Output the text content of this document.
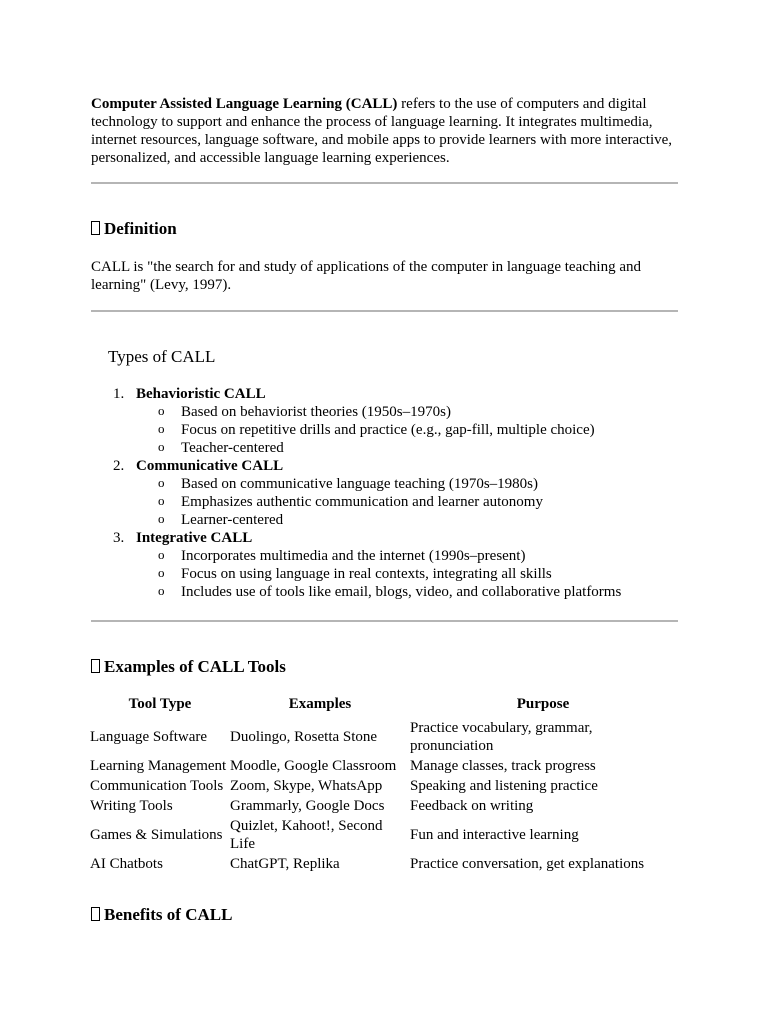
Computer Assisted Language Learning (CALL) refers to the use of computers and digital technology to support and enhance the process of language learning. It integrates multimedia, internet resources, language software, and mobile apps to provide learners with more interactive, personalized, and accessible language learning experiences.

Definition

CALL is "the search for and study of applications of the computer in language teaching and learning" (Levy, 1997).

Types of CALL
1. Behavioristic CALL
o Based on behaviorist theories (1950s–1970s)
o Focus on repetitive drills and practice (e.g., gap-fill, multiple choice)
o Teacher-centered
2. Communicative CALL
o Based on communicative language teaching (1970s–1980s)
o Emphasizes authentic communication and learner autonomy
o Learner-centered
3. Integrative CALL
o Incorporates multimedia and the internet (1990s–present)
o Focus on using language in real contexts, integrating all skills
o Includes use of tools like email, blogs, video, and collaborative platforms
Examples of CALL Tools
Tool Type	Examples	Purpose
Language Software	Duolingo, Rosetta Stone	Practice vocabulary, grammar, pronunciation
Learning Management	Moodle, Google Classroom	Manage classes, track progress
Communication Tools	Zoom, Skype, WhatsApp	Speaking and listening practice
Writing Tools	Grammarly, Google Docs	Feedback on writing
Games & Simulations	Quizlet, Kahoot!, Second Life	Fun and interactive learning
AI Chatbots	ChatGPT, Replika	Practice conversation, get explanations
Benefits of CALL
